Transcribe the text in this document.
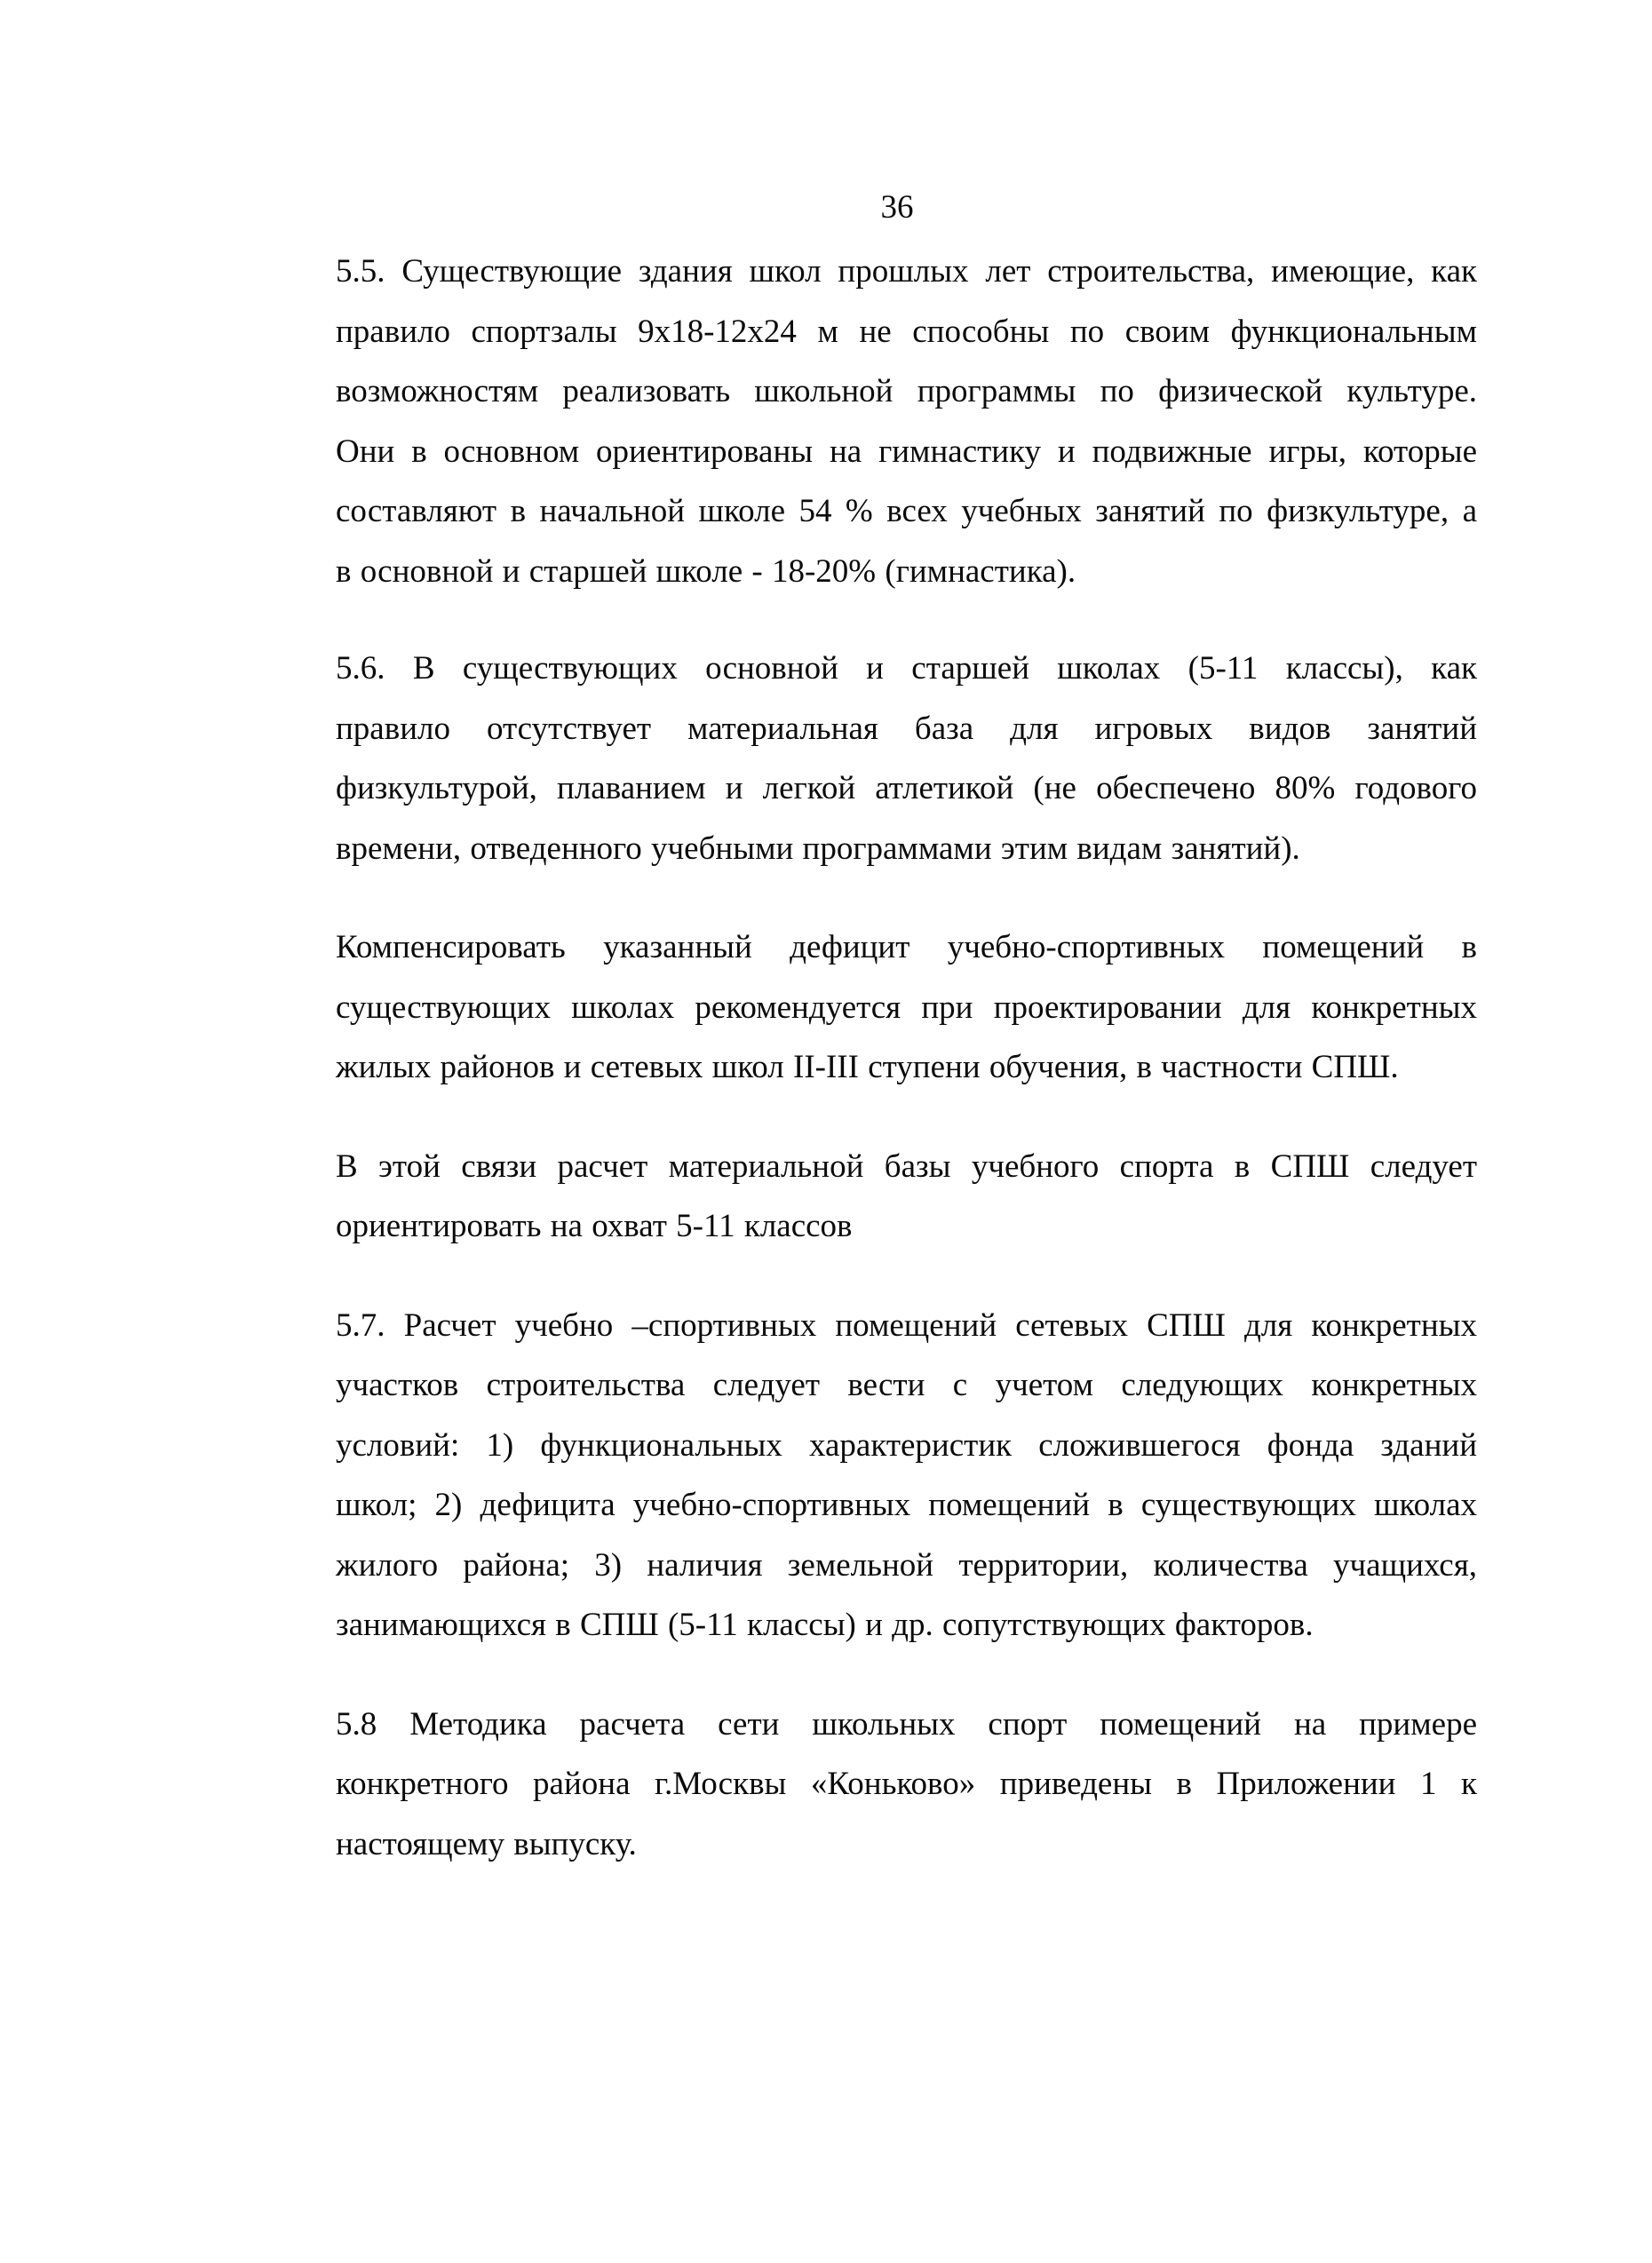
36

5.5. Существующие здания школ прошлых лет строительства, имеющие, как
правило спортзалы 9х18-12х24 м не способны по своим функциональным
возможностям реализовать школьной программы по физической культуре.
Они в основном ориентированы на гимнастику и подвижные игры, которые
составляют в начальной школе 54 % всех учебных занятий по физкультуре, а
в основной и старшей школе - 18-20% (гимнастика).

5.6. В существующих основной и старшей школах (5-11 классы), как
правило отсутствует материальная база для игровых видов занятий
физкультурой, плаванием и легкой атлетикой (не обеспечено 80% годового
времени, отведенного учебными программами этим видам занятий).

Компенсировать указанный дефицит учебно-спортивных помещений в
существующих школах рекомендуется при проектировании для конкретных
жилых районов и сетевых школ II-III ступени обучения, в частности СПШ.

В этой связи расчет материальной базы учебного спорта в СПШ следует
ориентировать на охват 5-11 классов

5.7. Расчет учебно –спортивных помещений сетевых СПШ для конкретных
участков строительства следует вести с учетом следующих конкретных
условий: 1) функциональных характеристик сложившегося фонда зданий
школ; 2) дефицита учебно-спортивных помещений в существующих школах
жилого района; 3) наличия земельной территории, количества учащихся,
занимающихся в СПШ (5-11 классы) и др. сопутствующих факторов.

5.8 Методика расчета сети школьных спорт помещений на примере
конкретного района г.Москвы «Коньково» приведены в Приложении 1 к
настоящему выпуску.
